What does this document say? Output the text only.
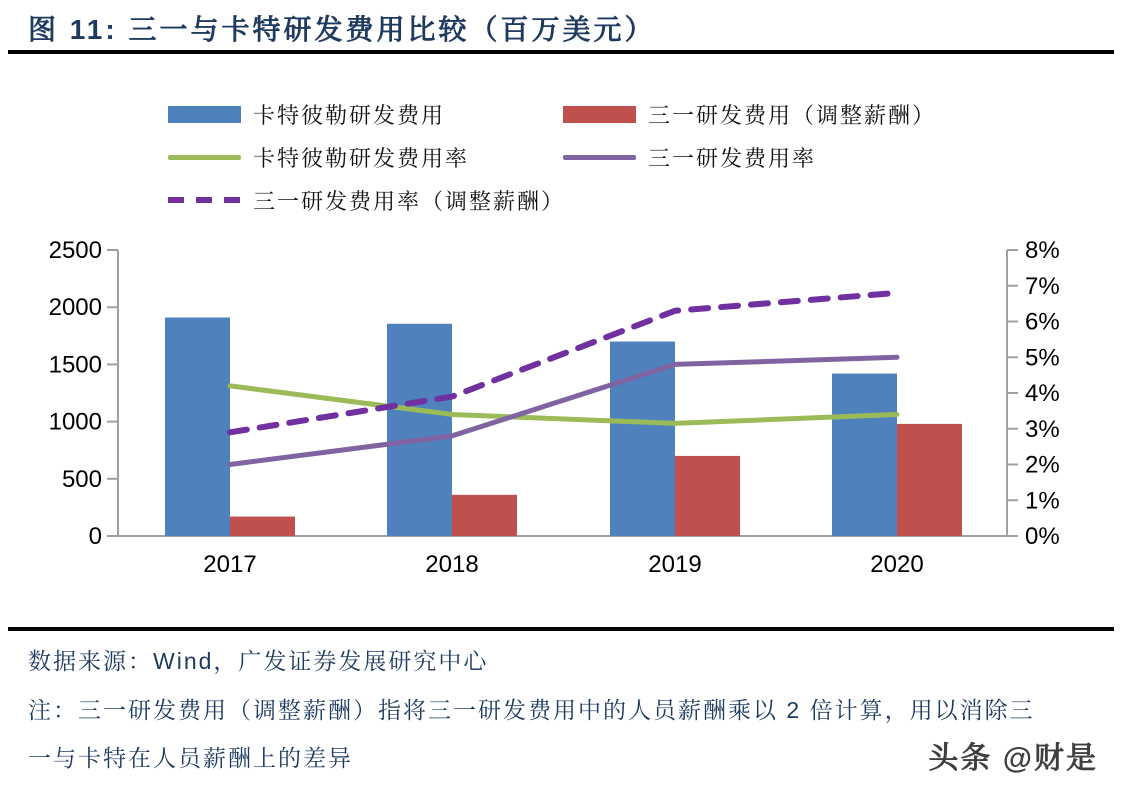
图 11: 三一与卡特研发费用比较（百万美元）
卡特彼勒研发费用	三一研发费用（调整薪酬）
卡特彼勒研发费用率	三一研发费用率
三一研发费用率（调整薪酬）
2500
2000
1500
1000
500
0
8%
7%
6%
5%
4%
3%
2%
1%
0%
2017	2018	2019	2020
数据来源：Wind，广发证券发展研究中心
注：三一研发费用（调整薪酬）指将三一研发费用中的人员薪酬乘以 2 倍计算，用以消除三
一与卡特在人员薪酬上的差异	头条 @财是
